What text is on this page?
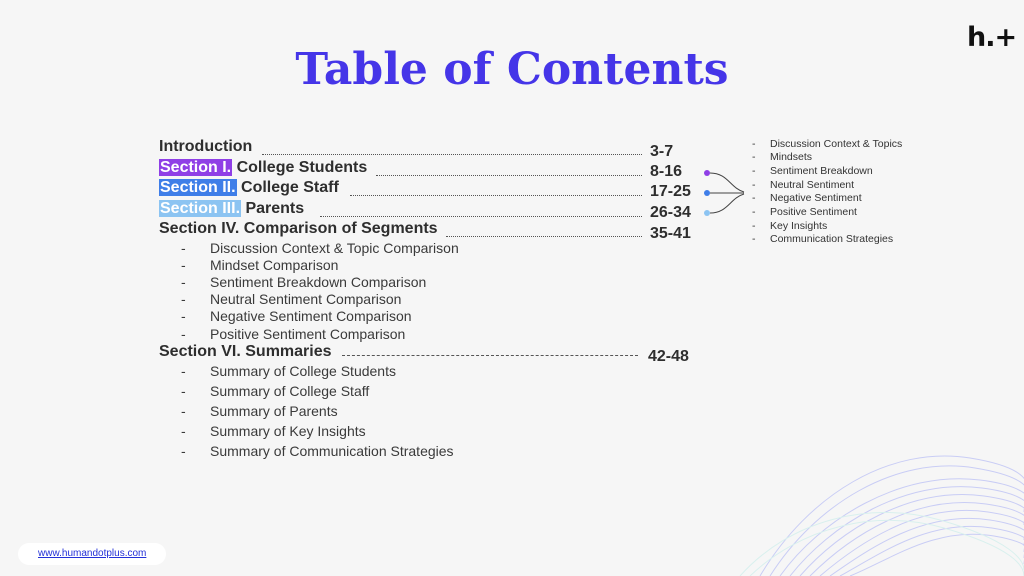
h.+
Table of Contents
Introduction	3-7
Section I. College Students	8-16
Section II. College Staff	17-25
Section III. Parents	26-34
Section IV. Comparison of Segments	35-41
- Discussion Context & Topic Comparison
- Mindset Comparison
- Sentiment Breakdown Comparison
- Neutral Sentiment Comparison
- Negative Sentiment Comparison
- Positive Sentiment Comparison
Section VI. Summaries	42-48
- Summary of College Students
- Summary of College Staff
- Summary of Parents
- Summary of Key Insights
- Summary of Communication Strategies
- Discussion Context & Topics
- Mindsets
- Sentiment Breakdown
- Neutral Sentiment
- Negative Sentiment
- Positive Sentiment
- Key Insights
- Communication Strategies
www.humandotplus.com
